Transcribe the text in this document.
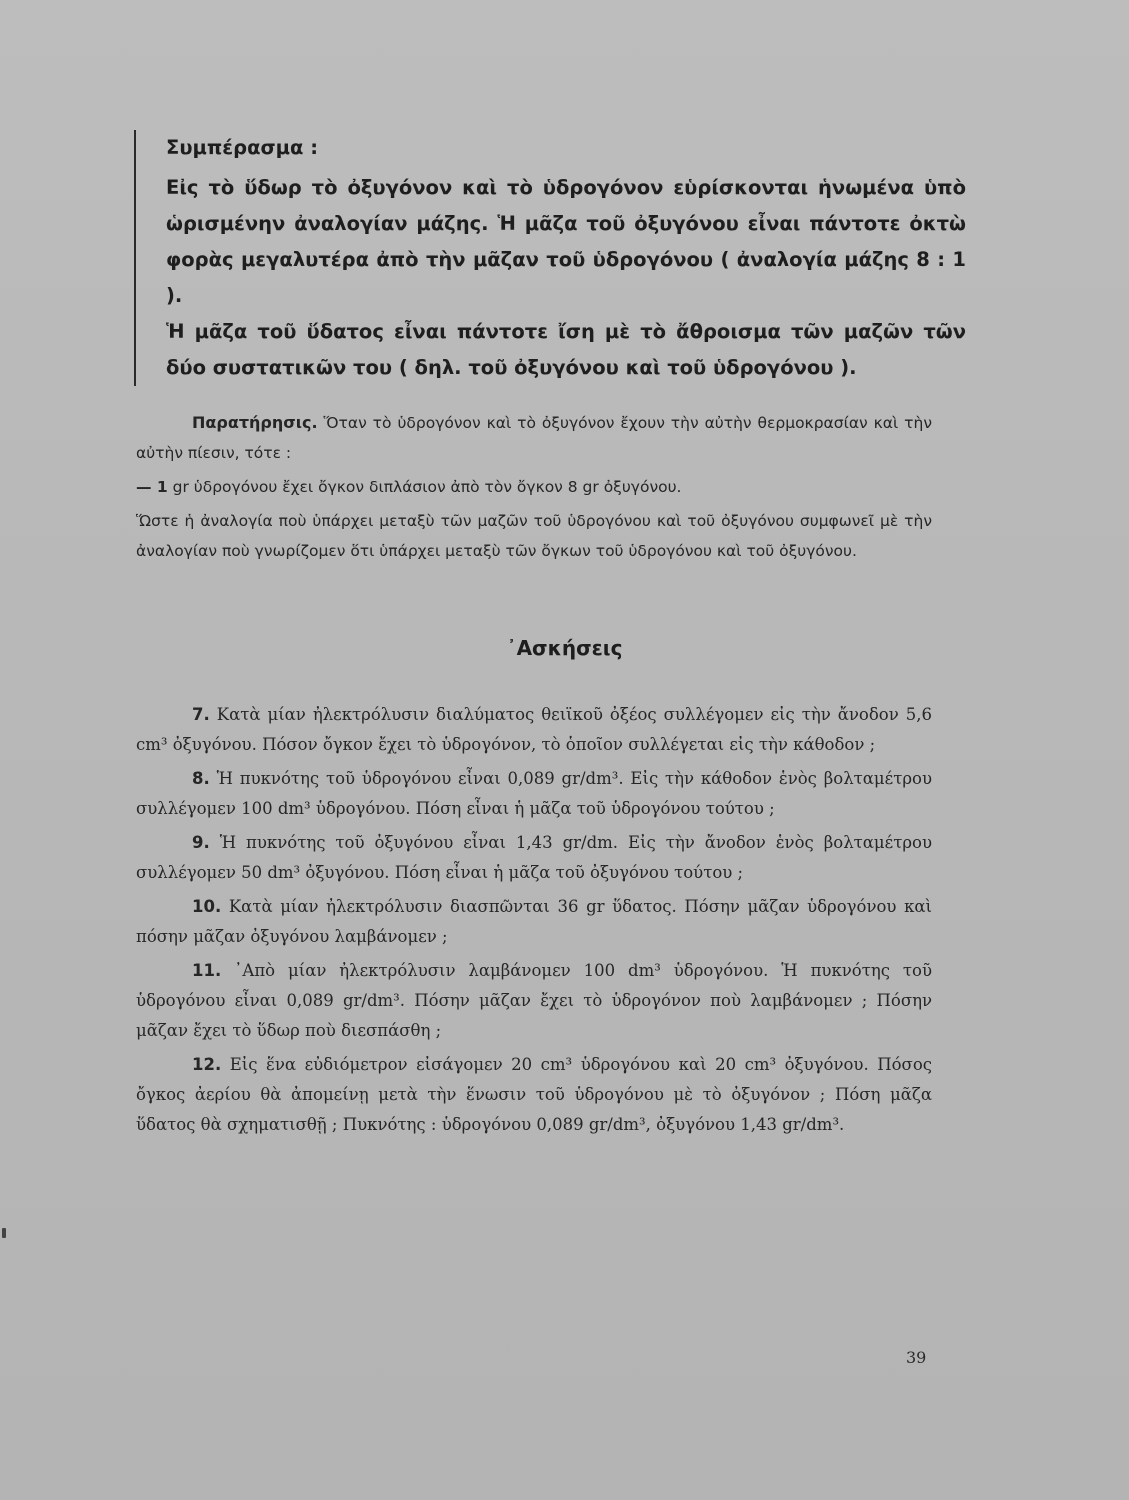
Συμπέρασμα :
Εἰς τὸ ὕδωρ τὸ ὀξυγόνον καὶ τὸ ὑδρογόνον εὑρίσκονται ἡνωμένα ὑπὸ ὡρισμένην ἀναλογίαν μάζης. Ἡ μᾶζα τοῦ ὀξυγόνου εἶναι πάντοτε ὀκτὼ φορὰς μεγαλυτέρα ἀπὸ τὴν μᾶζαν τοῦ ὑδρογόνου ( ἀναλογία μάζης 8 : 1 ).
Ἡ μᾶζα τοῦ ὕδατος εἶναι πάντοτε ἴση μὲ τὸ ἄθροισμα τῶν μαζῶν τῶν δύο συστατικῶν του ( δηλ. τοῦ ὀξυγόνου καὶ τοῦ ὑδρογόνου ).
Παρατήρησις. Ὅταν τὸ ὑδρογόνον καὶ τὸ ὀξυγόνον ἔχουν τὴν αὐτὴν θερμοκρασίαν καὶ τὴν αὐτὴν πίεσιν, τότε :
— 1 gr ὑδρογόνου ἔχει ὄγκον διπλάσιον ἀπὸ τὸν ὄγκον 8 gr ὀξυγόνου.
Ὥστε ἡ ἀναλογία ποὺ ὑπάρχει μεταξὺ τῶν μαζῶν τοῦ ὑδρογόνου καὶ τοῦ ὀξυγόνου συμφωνεῖ μὲ τὴν ἀναλογίαν ποὺ γνωρίζομεν ὅτι ὑπάρχει μεταξὺ τῶν ὄγκων τοῦ ὑδρογόνου καὶ τοῦ ὀξυγόνου.
᾿Ασκήσεις
7. Κατὰ μίαν ἠλεκτρόλυσιν διαλύματος θειϊκοῦ ὀξέος συλλέγομεν εἰς τὴν ἄνοδον 5,6 cm³ ὀξυγόνου. Πόσον ὄγκον ἔχει τὸ ὑδρογόνον, τὸ ὁποῖον συλλέγεται εἰς τὴν κάθοδον ;
8. Ἡ πυκνότης τοῦ ὑδρογόνου εἶναι 0,089 gr/dm³. Εἰς τὴν κάθοδον ἑνὸς βολταμέτρου συλλέγομεν 100 dm³ ὑδρογόνου. Πόση εἶναι ἡ μᾶζα τοῦ ὑδρογόνου τούτου ;
9. Ἡ πυκνότης τοῦ ὀξυγόνου εἶναι 1,43 gr/dm. Εἰς τὴν ἄνοδον ἑνὸς βολταμέτρου συλλέγομεν 50 dm³ ὀξυγόνου. Πόση εἶναι ἡ μᾶζα τοῦ ὀξυγόνου τούτου ;
10. Κατὰ μίαν ἠλεκτρόλυσιν διασπῶνται 36 gr ὕδατος. Πόσην μᾶζαν ὑδρογόνου καὶ πόσην μᾶζαν ὀξυγόνου λαμβάνομεν ;
11. ᾿Απὸ μίαν ἠλεκτρόλυσιν λαμβάνομεν 100 dm³ ὑδρογόνου. Ἡ πυκνότης τοῦ ὑδρογόνου εἶναι 0,089 gr/dm³. Πόσην μᾶζαν ἔχει τὸ ὑδρογόνον ποὺ λαμβάνομεν ; Πόσην μᾶζαν ἔχει τὸ ὕδωρ ποὺ διεσπάσθη ;
12. Εἰς ἕνα εὐδιόμετρον εἰσάγομεν 20 cm³ ὑδρογόνου καὶ 20 cm³ ὀξυγόνου. Πόσος ὄγκος ἀερίου θὰ ἀπομείνῃ μετὰ τὴν ἕνωσιν τοῦ ὑδρογόνου μὲ τὸ ὀξυγόνον ; Πόση μᾶζα ὕδατος θὰ σχηματισθῇ ; Πυκνότης : ὑδρογόνου 0,089 gr/dm³, ὀξυγόνου 1,43 gr/dm³.
39
